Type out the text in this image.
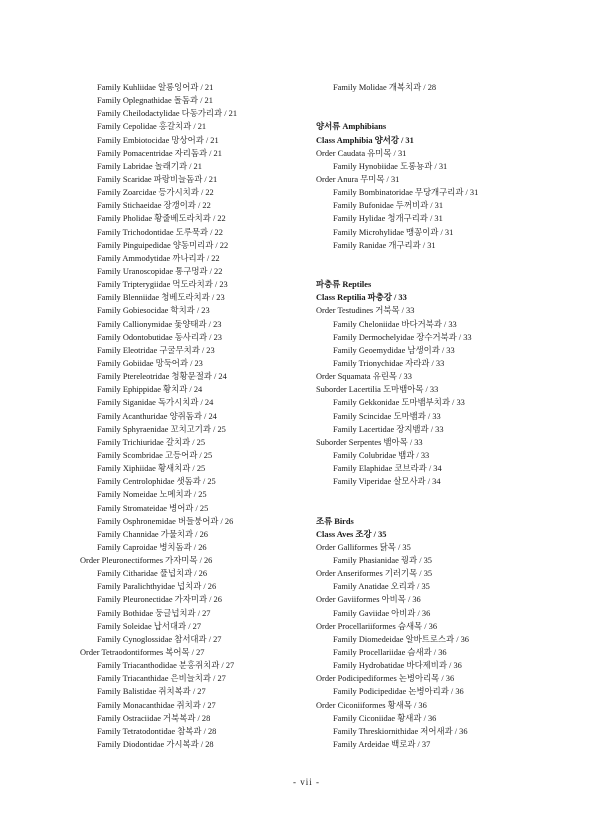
Family Kuhliidae 알롱잉어과 / 21
Family Oplegnathidae 돌돔과 / 21
Family Cheilodactylidae 다동가리과 / 21
Family Cepolidae 홍갈치과 / 21
Family Embiotocidae 망상어과 / 21
Family Pomacentridae 자리돔과 / 21
Family Labridae 놀래기과 / 21
Family Scaridae 파랑비늘돔과 / 21
Family Zoarcidae 등가시치과 / 22
Family Stichaeidae 장갱이과 / 22
Family Pholidae 황줄베도라치과 / 22
Family Trichodontidae 도루묵과 / 22
Family Pinguipedidae 양동미리과 / 22
Family Ammodytidae 까나리과 / 22
Family Uranoscopidae 통구멍과 / 22
Family Tripterygiidae 먹도라치과 / 23
Family Blenniidae 청베도라치과 / 23
Family Gobiesocidae 학치과 / 23
Family Callionymidae 돛양태과 / 23
Family Odontobutidae 동사리과 / 23
Family Eleotridae 구굴무치과 / 23
Family Gobiidae 망둑어과 / 23
Family Ptereleotridae 청황문절과 / 24
Family Ephippidae 황치과 / 24
Family Siganidae 독가시치과 / 24
Family Acanthuridae 양쥐돔과 / 24
Family Sphyraenidae 꼬치고기과 / 25
Family Trichiuridae 갈치과 / 25
Family Scombridae 고등어과 / 25
Family Xiphiidae 황새치과 / 25
Family Centrolophidae 샛돔과 / 25
Family Nomeidae 노메치과 / 25
Family Stromateidae 병어과 / 25
Family Osphronemidae 버들붕어과 / 26
Family Channidae 가물치과 / 26
Family Caproidae 병치돔과 / 26
Order Pleuronectiformes 가자미목 / 26
Family Citharidae 풀넙치과 / 26
Family Paralichthyidae 넙치과 / 26
Family Pleuronectidae 가자미과 / 26
Family Bothidae 둥글넙치과 / 27
Family Soleidae 납서대과 / 27
Family Cynoglossidae 참서대과 / 27
Order Tetraodontiformes 복어목 / 27
Family Triacanthodidae 분홍쥐치과 / 27
Family Triacanthidae 은비늘치과 / 27
Family Balistidae 쥐치복과 / 27
Family Monacanthidae 쥐치과 / 27
Family Ostraciidae 거북복과 / 28
Family Tetratodontidae 참복과 / 28
Family Diodontidae 가시복과 / 28
Family Molidae 개복치과 / 28
양서류 Amphibians
Class Amphibia 양서강 / 31
Order Caudata 유미목 / 31
Family Hynobiidae 도롱뇽과 / 31
Order Anura 무미목 / 31
Family Bombinatoridae 무당개구리과 / 31
Family Bufonidae 두꺼비과 / 31
Family Hylidae 청개구리과 / 31
Family Microhylidae 맹꽁이과 / 31
Family Ranidae 개구리과 / 31
파충류 Reptiles
Class Reptilia 파충강 / 33
Order Testudines 거북목 / 33
Family Cheloniidae 바다거북과 / 33
Family Dermochelyidae 장수거북과 / 33
Family Geoemydidae 남생이과 / 33
Family Trionychidae 자라과 / 33
Order Squamata 유린목 / 33
Suborder Lacertilia 도마뱀아목 / 33
Family Gekkonidae 도마뱀부치과 / 33
Family Scincidae 도마뱀과 / 33
Family Lacertidae 장지뱀과 / 33
Suborder Serpentes 뱀아목 / 33
Family Colubridae 뱀과 / 33
Family Elaphidae 코브라과 / 34
Family Viperidae 살모사과 / 34
조류 Birds
Class Aves 조강 / 35
Order Galliformes 닭목 / 35
Family Phasianidae 꿩과 / 35
Order Anseriformes 기러기목 / 35
Family Anatidae 오리과 / 35
Order Gaviiformes 아비목 / 36
Family Gaviidae 아비과 / 36
Order Procellariiformes 슴새목 / 36
Family Diomedeidae 알바트로스과 / 36
Family Procellariidae 슴새과 / 36
Family Hydrobatidae 바다제비과 / 36
Order Podicipediformes 논병아리목 / 36
Family Podicipedidae 논병아리과 / 36
Order Ciconiiformes 황새목 / 36
Family Ciconiidae 황새과 / 36
Family Threskiornithidae 저어새과 / 36
Family Ardeidae 백로과 / 37
- vii -
